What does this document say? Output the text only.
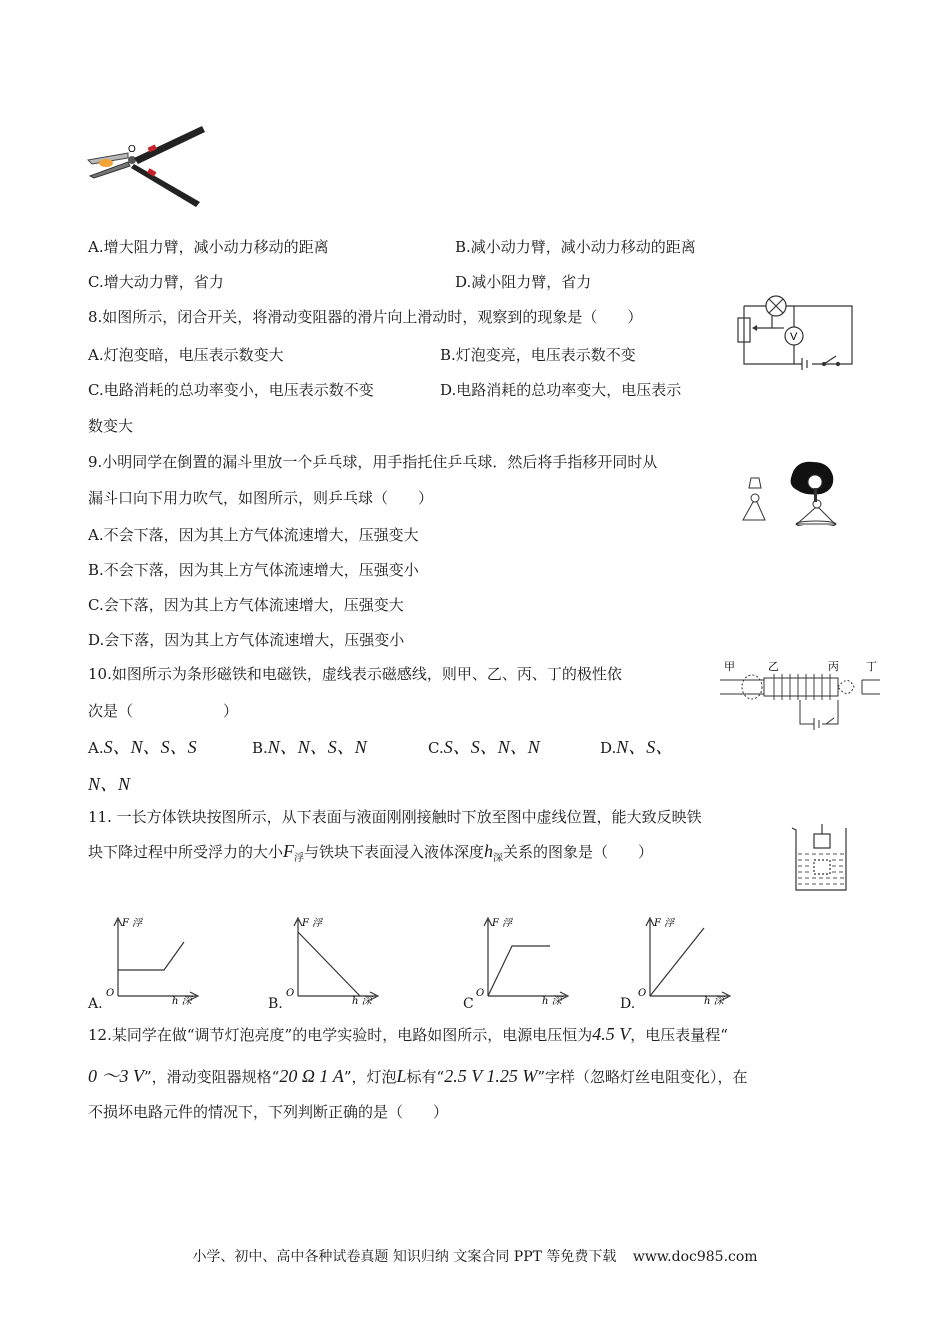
O
A.增大阻力臂，减小动力移动的距离	B.减小动力臂，减小动力移动的距离
C.增大动力臂，省力	D.减小阻力臂，省力
8.如图所示，闭合开关，将滑动变阻器的滑片向上滑动时，观察到的现象是（　　）
V
A.灯泡变暗，电压表示数变大	B.灯泡变亮，电压表示数不变
C.电路消耗的总功率变小，电压表示数不变	D.电路消耗的总功率变大，电压表示
数变大
9.小明同学在倒置的漏斗里放一个乒乓球，用手指托住乒乓球．然后将手指移开同时从
漏斗口向下用力吹气，如图所示，则乒乓球（　　）
A.不会下落，因为其上方气体流速增大，压强变大
B.不会下落，因为其上方气体流速增大，压强变小
C.会下落，因为其上方气体流速增大，压强变大
D.会下落，因为其上方气体流速增大，压强变小
10.如图所示为条形磁铁和电磁铁，虚线表示磁感线，则甲、乙、丙、丁的极性依
次是（　　　　　　）
甲	乙	丙 丁
A.S、N、S、S	B.N、N、S、N	C.S、S、N、N	D.N、S、
N、N
11. 一长方体铁块按图所示，从下表面与液面刚刚接触时下放至图中虚线位置，能大致反映铁
块下降过程中所受浮力的大小$F_浮$与铁块下表面浸入液体深度$h_深$关系的图象是（　　）
F 浮
h 深
O
A.
F 浮
h 深
O
B.
F 浮
h 深
O
C
F 浮
h 深
O
D.
12.某同学在做“调节灯泡亮度”的电学实验时，电路如图所示，电源电压恒为4.5 V，电压表量程“
0 ～3 V”，滑动变阻器规格“20 Ω 1 A”，灯泡L标有“2.5 V 1.25 W”字样（忽略灯丝电阻变化），在
不损坏电路元件的情况下，下列判断正确的是（　　）
小学、初中、高中各种试卷真题 知识归纳 文案合同 PPT 等免费下载 www.doc985.com
